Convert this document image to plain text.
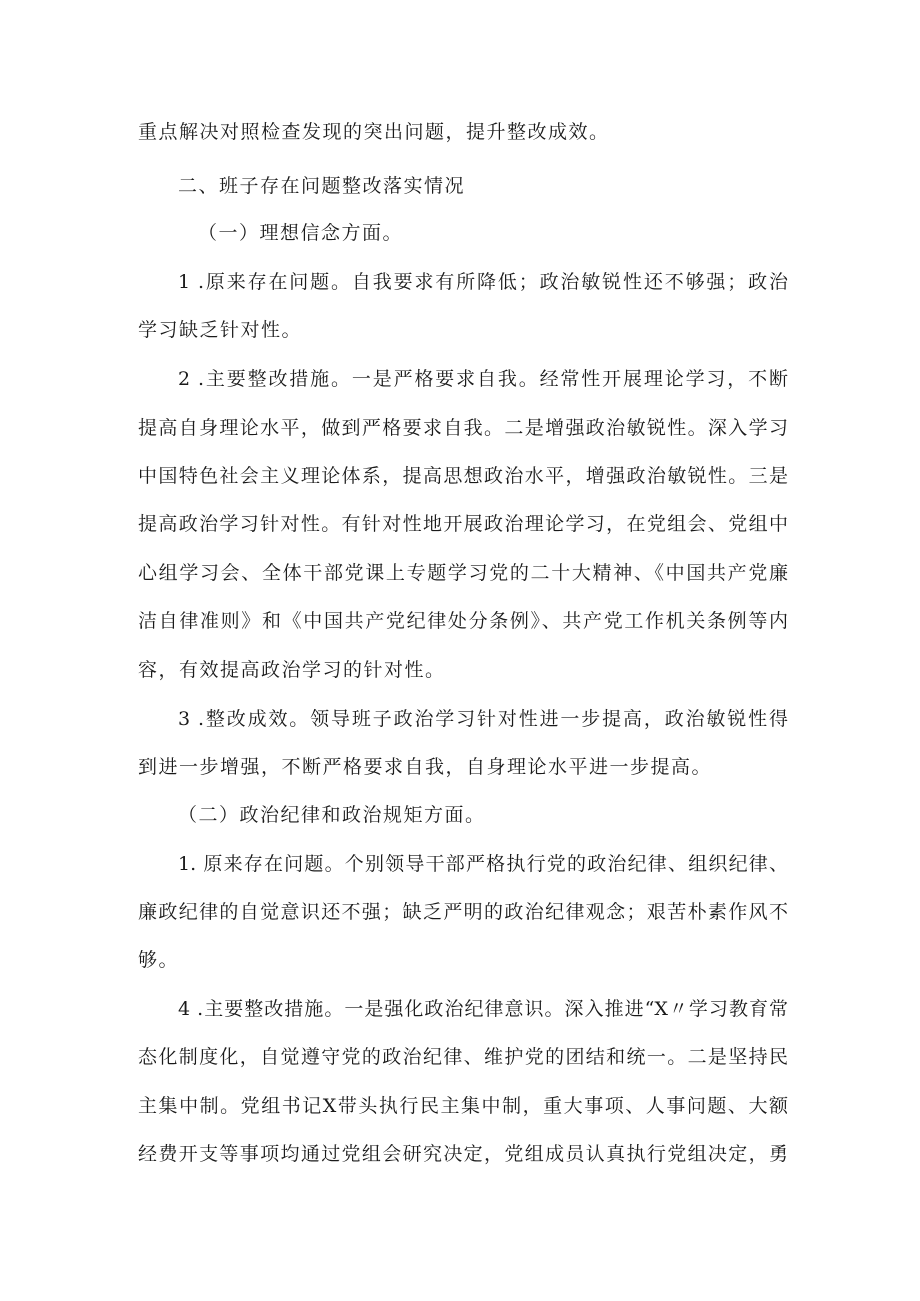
重点解决对照检查发现的突出问题，提升整改成效。
二、班子存在问题整改落实情况
（一）理想信念方面。
1 .原来存在问题。自我要求有所降低；政治敏锐性还不够强；政治
学习缺乏针对性。
2 .主要整改措施。一是严格要求自我。经常性开展理论学习，不断
提高自身理论水平，做到严格要求自我。二是增强政治敏锐性。深入学习
中国特色社会主义理论体系，提高思想政治水平，增强政治敏锐性。三是
提高政治学习针对性。有针对性地开展政治理论学习，在党组会、党组中
心组学习会、全体干部党课上专题学习党的二十大精神、《中国共产党廉
洁自律准则》和《中国共产党纪律处分条例》、共产党工作机关条例等内
容，有效提高政治学习的针对性。
3 .整改成效。领导班子政治学习针对性进一步提高，政治敏锐性得
到进一步增强，不断严格要求自我，自身理论水平进一步提高。
（二）政治纪律和政治规矩方面。
1. 原来存在问题。个别领导干部严格执行党的政治纪律、组织纪律、
廉政纪律的自觉意识还不强；缺乏严明的政治纪律观念；艰苦朴素作风不
够。
4 .主要整改措施。一是强化政治纪律意识。深入推进“X〃学习教育常
态化制度化，自觉遵守党的政治纪律、维护党的团结和统一。二是坚持民
主集中制。党组书记X带头执行民主集中制，重大事项、人事问题、大额
经费开支等事项均通过党组会研究决定，党组成员认真执行党组决定，勇
